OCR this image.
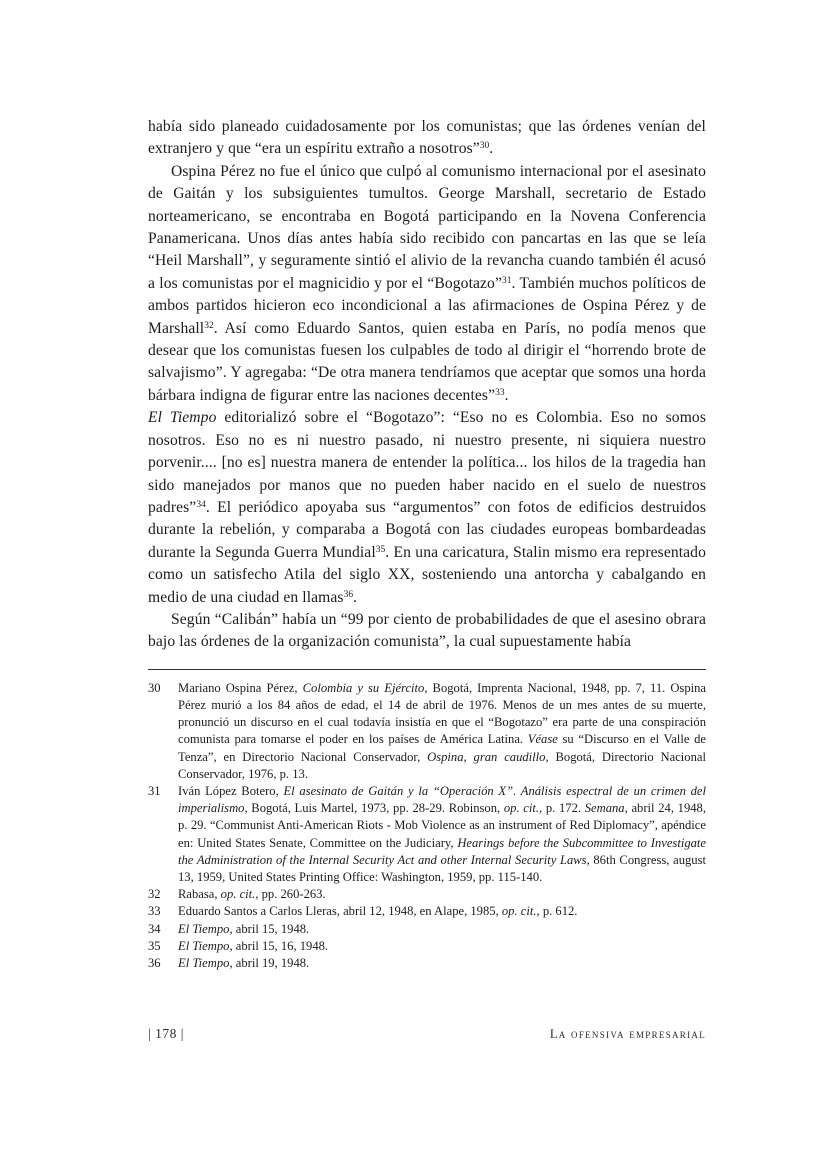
había sido planeado cuidadosamente por los comunistas; que las órdenes venían del extranjero y que “era un espíritu extraño a nosotros”$^{30}$.

Ospina Pérez no fue el único que culpó al comunismo internacional por el asesinato de Gaitán y los subsiguientes tumultos. George Marshall, secretario de Estado norteamericano, se encontraba en Bogotá participando en la Novena Conferencia Panamericana. Unos días antes había sido recibido con pancartas en las que se leía “Heil Marshall”, y seguramente sintió el alivio de la revancha cuando también él acusó a los comunistas por el magnicidio y por el “Bogotazo”$^{31}$. También muchos políticos de ambos partidos hicieron eco incondicional a las afirmaciones de Ospina Pérez y de Marshall$^{32}$. Así como Eduardo Santos, quien estaba en París, no podía menos que desear que los comunistas fuesen los culpables de todo al dirigir el “horrendo brote de salvajismo”. Y agregaba: “De otra manera tendríamos que aceptar que somos una horda bárbara indigna de figurar entre las naciones decentes”$^{33}$.

El Tiempo editorializó sobre el “Bogotazo”: “Eso no es Colombia. Eso no somos nosotros. Eso no es ni nuestro pasado, ni nuestro presente, ni siquiera nuestro porvenir.... [no es] nuestra manera de entender la política... los hilos de la tragedia han sido manejados por manos que no pueden haber nacido en el suelo de nuestros padres”$^{34}$. El periódico apoyaba sus “argumentos” con fotos de edificios destruidos durante la rebelión, y comparaba a Bogotá con las ciudades europeas bombardeadas durante la Segunda Guerra Mundial$^{35}$. En una caricatura, Stalin mismo era representado como un satisfecho Atila del siglo XX, sosteniendo una antorcha y cabalgando en medio de una ciudad en llamas$^{36}$.

Según “Calibán” había un “99 por ciento de probabilidades de que el asesino obrara bajo las órdenes de la organización comunista”, la cual supuestamente había

30	Mariano Ospina Pérez, Colombia y su Ejército, Bogotá, Imprenta Nacional, 1948, pp. 7, 11. Ospina Pérez murió a los 84 años de edad, el 14 de abril de 1976. Menos de un mes antes de su muerte, pronunció un discurso en el cual todavía insistía en que el “Bogotazo” era parte de una conspiración comunista para tomarse el poder en los países de América Latina. Véase su “Discurso en el Valle de Tenza”, en Directorio Nacional Conservador, Ospina, gran caudillo, Bogotá, Directorio Nacional Conservador, 1976, p. 13.
31	Iván López Botero, El asesinato de Gaitán y la “Operación X”. Análisis espectral de un crimen del imperialismo, Bogotá, Luis Martel, 1973, pp. 28-29. Robinson, op. cit., p. 172. Semana, abril 24, 1948, p. 29. “Communist Anti-American Riots - Mob Violence as an instrument of Red Diplomacy”, apéndice en: United States Senate, Committee on the Judiciary, Hearings before the Subcommittee to Investigate the Administration of the Internal Security Act and other Internal Security Laws, 86th Congress, august 13, 1959, United States Printing Office: Washington, 1959, pp. 115-140.
32	Rabasa, op. cit., pp. 260-263.
33	Eduardo Santos a Carlos Lleras, abril 12, 1948, en Alape, 1985, op. cit., p. 612.
34	El Tiempo, abril 15, 1948.
35	El Tiempo, abril 15, 16, 1948.
36	El Tiempo, abril 19, 1948.
| 178 |	La ofensiva empresarial
